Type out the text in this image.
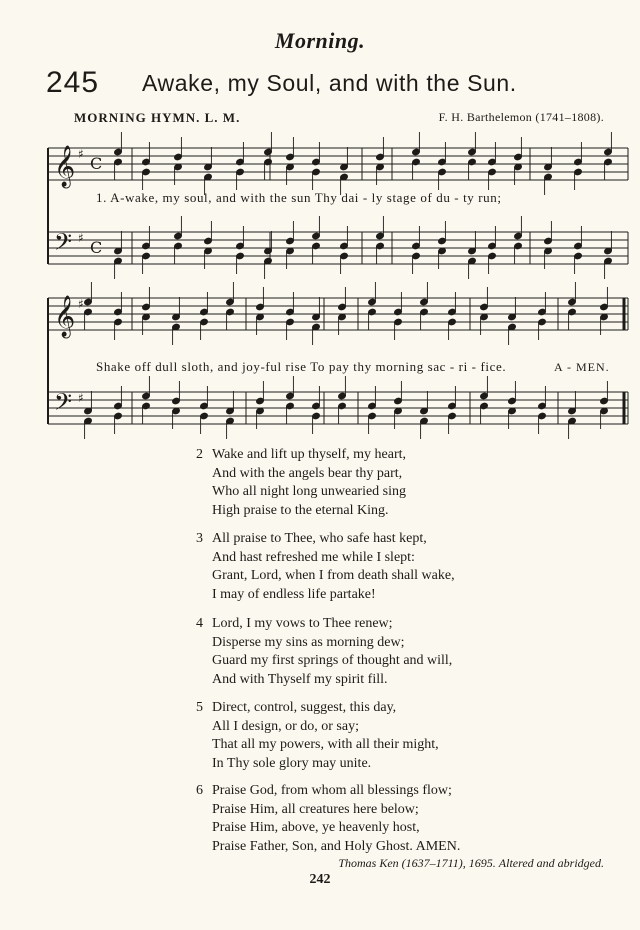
Morning.
245 Awake, my Soul, and with the Sun.
MORNING HYMN. L. M.	F. H. Barthelemon (1741–1808).
𝄞
𝄢
♯
♯
C
C
𝄞
𝄢
♯
♯
1. A-wake, my soul, and with the sun Thy dai - ly stage of du - ty run;
Shake off dull sloth, and joy-ful rise To pay thy morning sac - ri - fice.	A - MEN.
2 Wake and lift up thyself, my heart,
And with the angels bear thy part,
Who all night long unwearied sing
High praise to the eternal King.
3 All praise to Thee, who safe hast kept,
And hast refreshed me while I slept:
Grant, Lord, when I from death shall wake,
I may of endless life partake!
4 Lord, I my vows to Thee renew;
Disperse my sins as morning dew;
Guard my first springs of thought and will,
And with Thyself my spirit fill.
5 Direct, control, suggest, this day,
All I design, or do, or say;
That all my powers, with all their might,
In Thy sole glory may unite.
6 Praise God, from whom all blessings flow;
Praise Him, all creatures here below;
Praise Him, above, ye heavenly host,
Praise Father, Son, and Holy Ghost. AMEN.
Thomas Ken (1637–1711), 1695. Altered and abridged.
242
